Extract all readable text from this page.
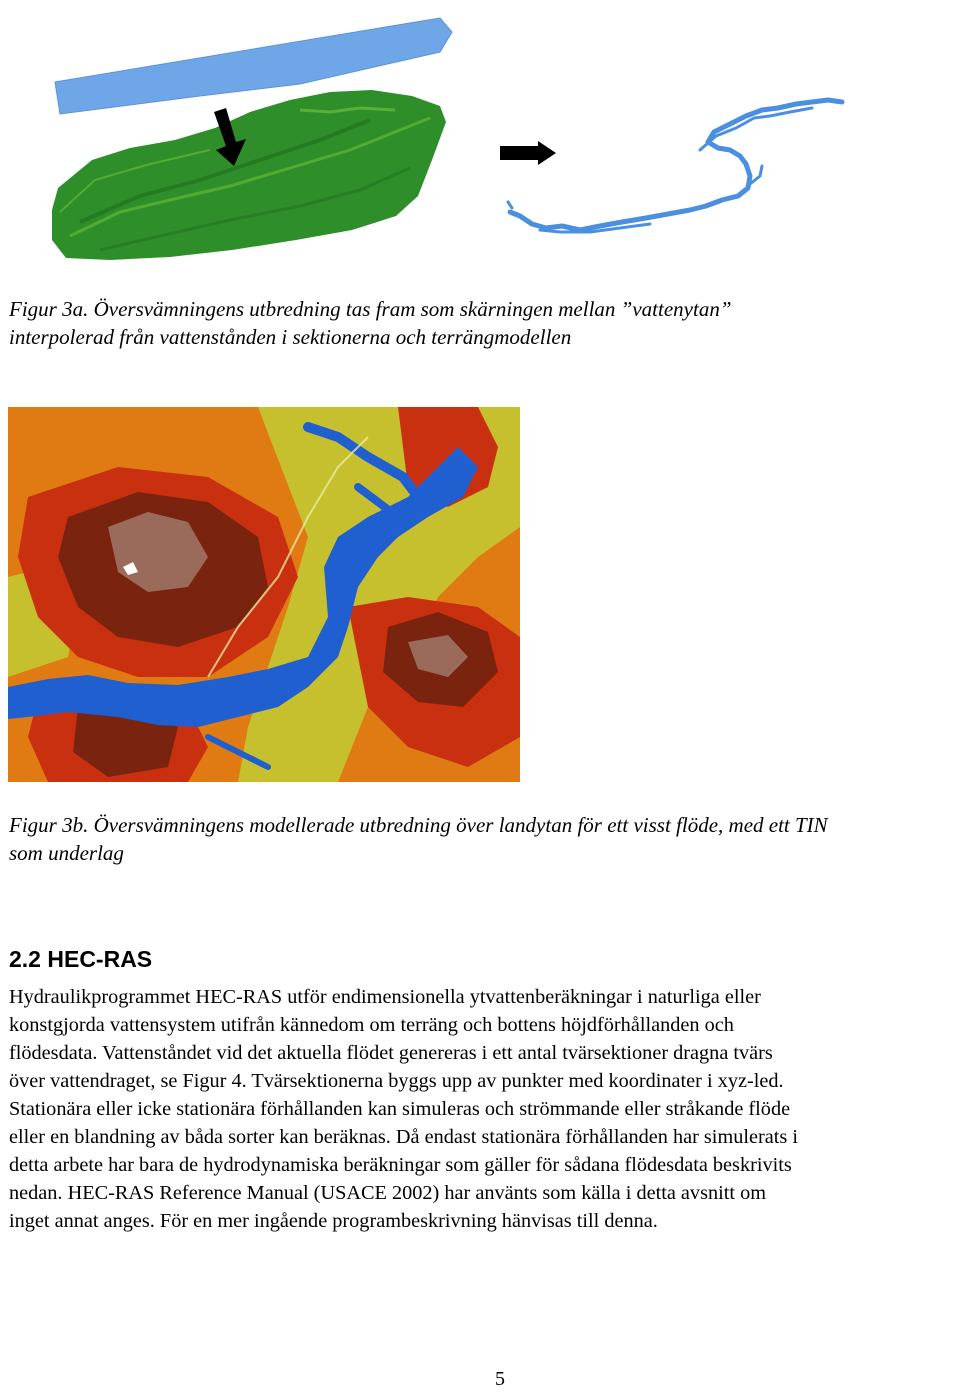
Figur 3a. Översvämningens utbredning tas fram som skärningen mellan ”vattenytan”
interpolerad från vattenstånden i sektionerna och terrängmodellen

Figur 3b. Översvämningens modellerade utbredning över landytan för ett visst flöde, med ett TIN
som underlag

2.2 HEC-RAS

Hydraulikprogrammet HEC-RAS utför endimensionella ytvattenberäkningar i naturliga eller
konstgjorda vattensystem utifrån kännedom om terräng och bottens höjdförhållanden och
flödesdata. Vattenståndet vid det aktuella flödet genereras i ett antal tvärsektioner dragna tvärs
över vattendraget, se Figur 4. Tvärsektionerna byggs upp av punkter med koordinater i xyz-led.
Stationära eller icke stationära förhållanden kan simuleras och strömmande eller stråkande flöde
eller en blandning av båda sorter kan beräknas. Då endast stationära förhållanden har simulerats i
detta arbete har bara de hydrodynamiska beräkningar som gäller för sådana flödesdata beskrivits
nedan. HEC-RAS Reference Manual (USACE 2002) har använts som källa i detta avsnitt om
inget annat anges. För en mer ingående programbeskrivning hänvisas till denna.

5
